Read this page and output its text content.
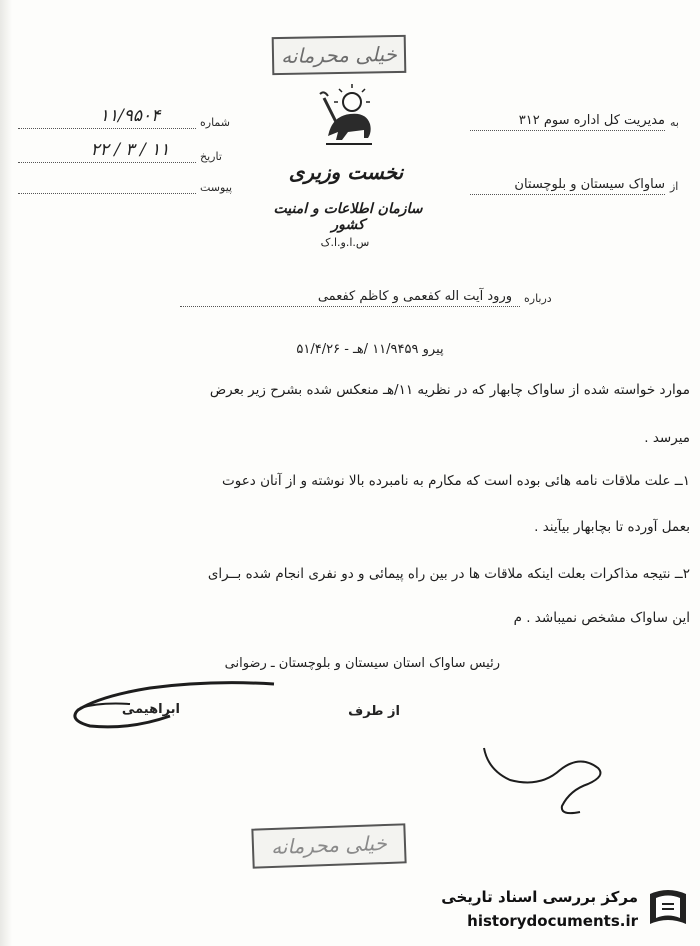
خیلی محرمانه
شماره
۱۱/۹۵۰۴
تاریخ
۲۲ / ۳ / ۱۱
پیوست
نخست وزیری
سازمان اطلاعات و امنیت کشور
س.ا.و.ا.ک
به
مدیریت کل اداره سوم ۳۱۲
از
ساواک سیستان و بلوچستان
درباره
ورود آیت اله کفعمی و کاظم کفعمی
پیرو ۱۱/۹۴۵۹ /هـ - ۵۱/۴/۲۶
موارد خواسته شده از ساواک چابهار که در نظریه ۱۱/هـ منعکس شده بشرح زیر بعرض
میرسد .
۱ــ علت ملاقات نامه هائی بوده است که مکارم به نامبرده بالا نوشته و از آنان دعوت
بعمل آورده تا بچابهار بیآیند .
۲ــ نتیجه مذاکرات بعلت اینکه ملاقات ها در بین راه پیمائی و دو نفری انجام شده بــرای
این ساواک مشخص نمیباشد . م
رئیس ساواک استان سیستان و بلوچستان ـ رضوانی
از طرف
ابراهیمی
خیلی محرمانه
مرکز بررسی اسناد تاریخی
historydocuments.ir
